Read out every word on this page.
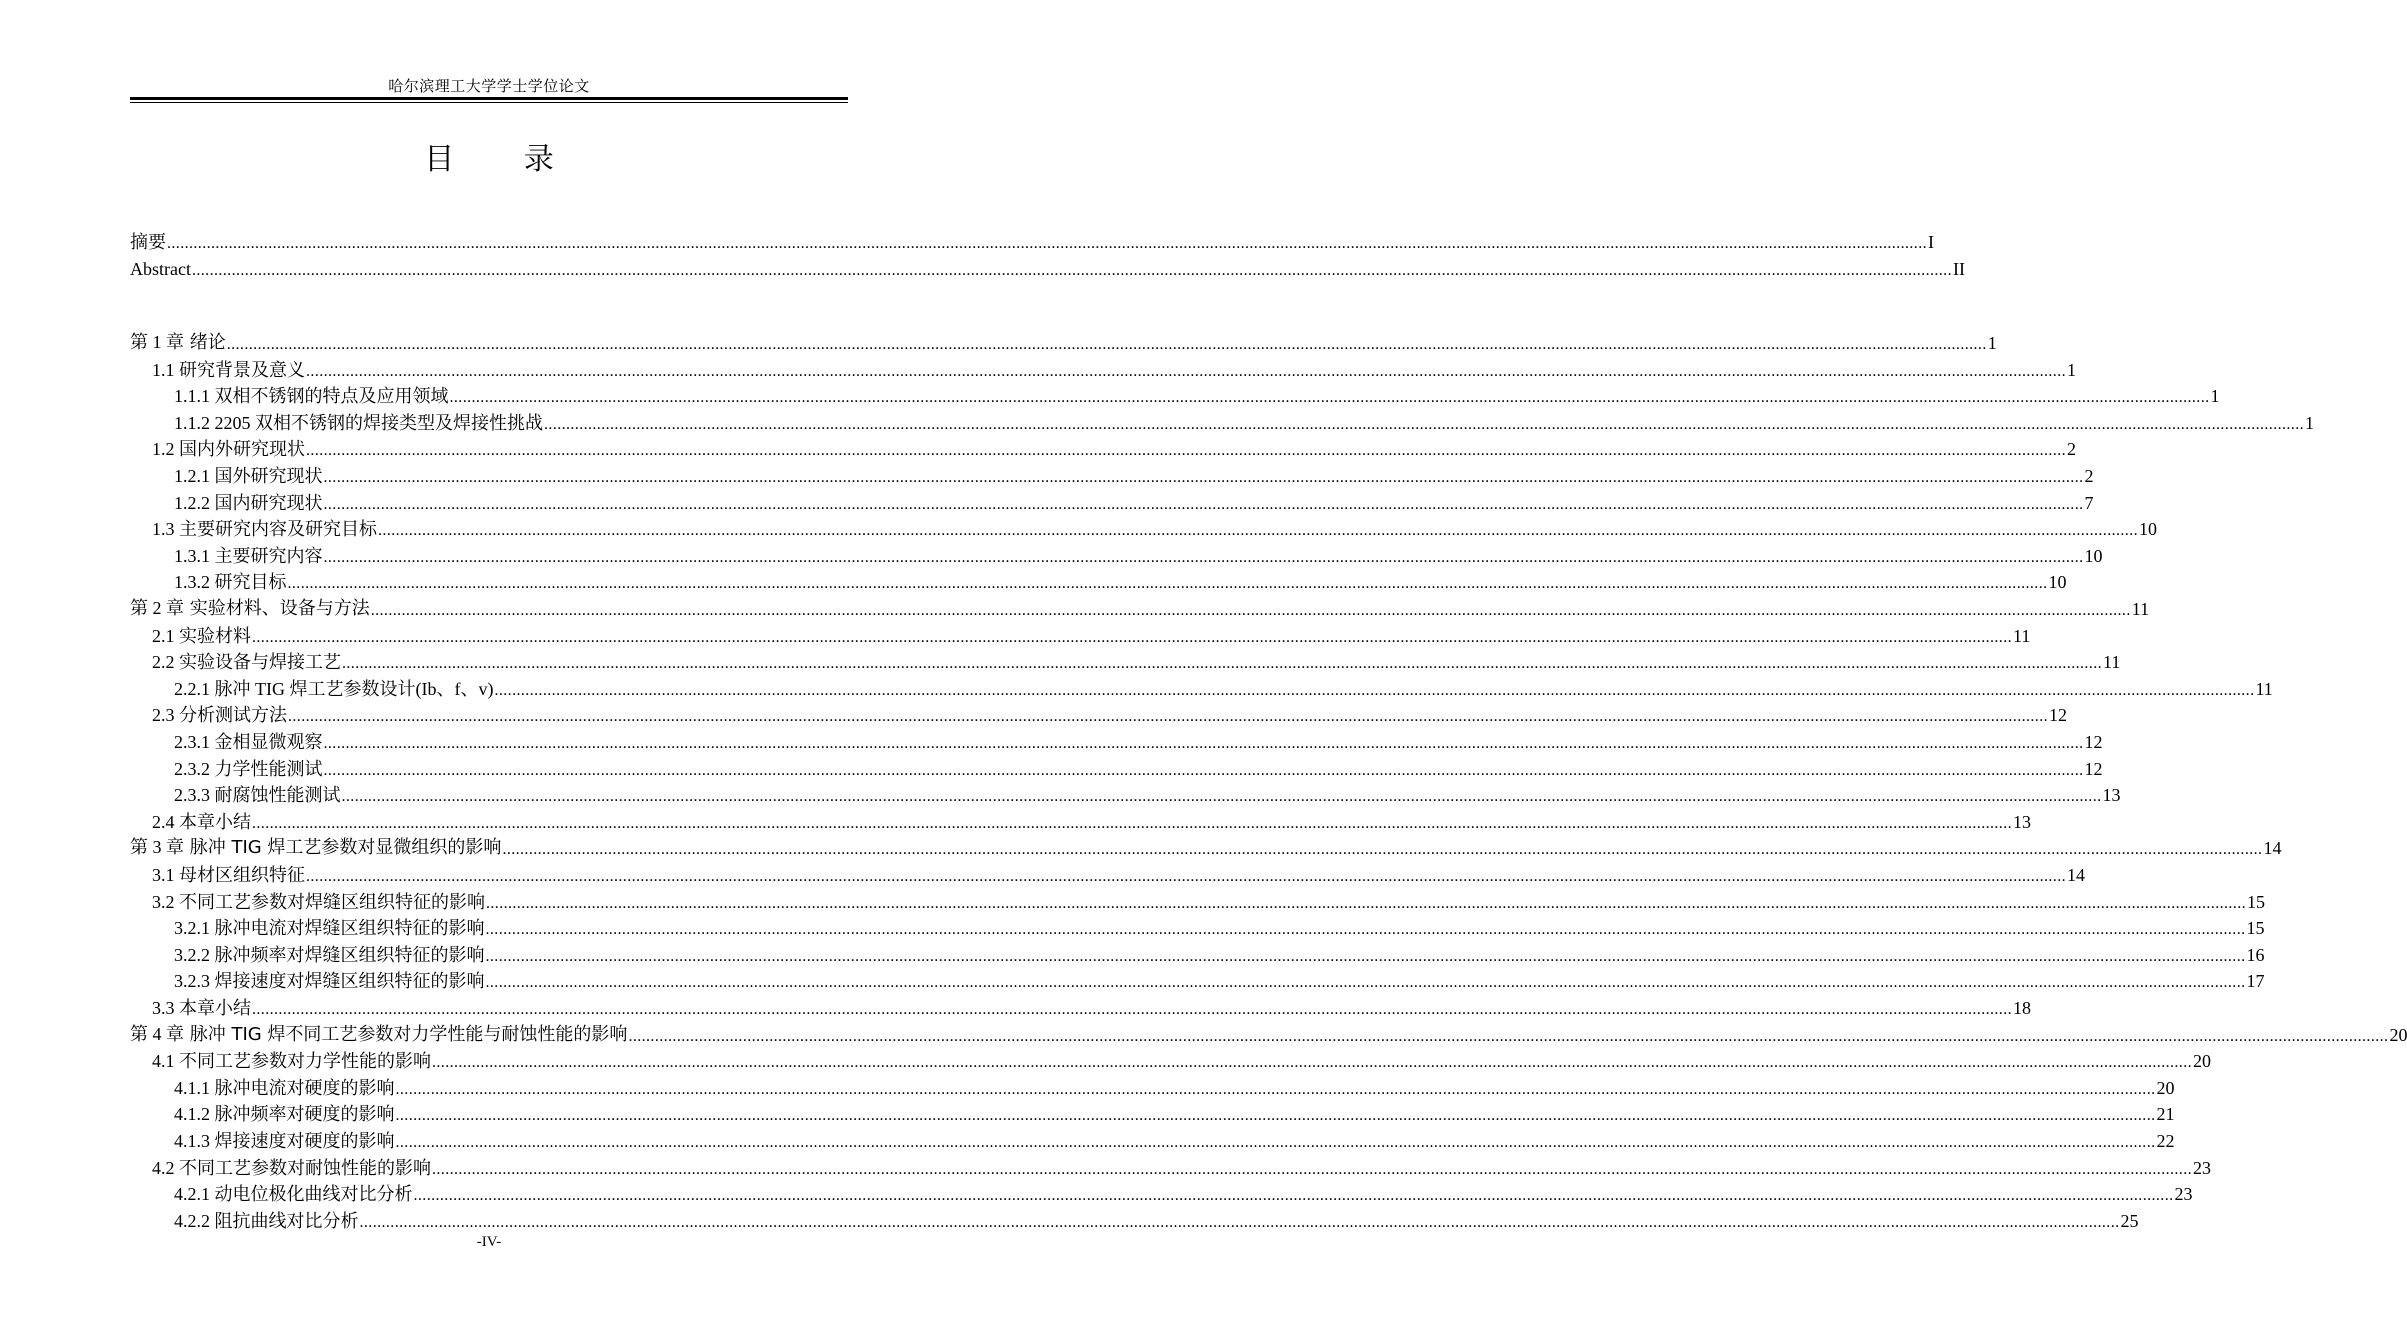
哈尔滨理工大学学士学位论文
目 录
摘要 ................................................................................................................................................................................................................................................................................................................................................................................................................ I
Abstract ................................................................................................................................................................................................................................................................................................................................................................................................................ II
第 1 章 绪论 ................................................................................................................................................................................................................................................................................................................................................................................................................ 1
1.1 研究背景及意义 ................................................................................................................................................................................................................................................................................................................................................................................................................ 1
1.1.1 双相不锈钢的特点及应用领域 ................................................................................................................................................................................................................................................................................................................................................................................................................ 1
1.1.2 2205 双相不锈钢的焊接类型及焊接性挑战 ................................................................................................................................................................................................................................................................................................................................................................................................................ 1
1.2 国内外研究现状 ................................................................................................................................................................................................................................................................................................................................................................................................................ 2
1.2.1 国外研究现状 ................................................................................................................................................................................................................................................................................................................................................................................................................ 2
1.2.2 国内研究现状 ................................................................................................................................................................................................................................................................................................................................................................................................................ 7
1.3 主要研究内容及研究目标 ................................................................................................................................................................................................................................................................................................................................................................................................................ 10
1.3.1 主要研究内容 ................................................................................................................................................................................................................................................................................................................................................................................................................ 10
1.3.2 研究目标 ................................................................................................................................................................................................................................................................................................................................................................................................................ 10
第 2 章 实验材料、设备与方法 ................................................................................................................................................................................................................................................................................................................................................................................................................ 11
2.1 实验材料 ................................................................................................................................................................................................................................................................................................................................................................................................................ 11
2.2 实验设备与焊接工艺 ................................................................................................................................................................................................................................................................................................................................................................................................................ 11
2.2.1 脉冲 TIG 焊工艺参数设计(Ib、f、v) ................................................................................................................................................................................................................................................................................................................................................................................................................ 11
2.3 分析测试方法 ................................................................................................................................................................................................................................................................................................................................................................................................................ 12
2.3.1 金相显微观察 ................................................................................................................................................................................................................................................................................................................................................................................................................ 12
2.3.2 力学性能测试 ................................................................................................................................................................................................................................................................................................................................................................................................................ 12
2.3.3 耐腐蚀性能测试 ................................................................................................................................................................................................................................................................................................................................................................................................................ 13
2.4 本章小结 ................................................................................................................................................................................................................................................................................................................................................................................................................ 13
第 3 章 脉冲 TIG 焊工艺参数对显微组织的影响 ................................................................................................................................................................................................................................................................................................................................................................................................................ 14
3.1 母材区组织特征 ................................................................................................................................................................................................................................................................................................................................................................................................................ 14
3.2 不同工艺参数对焊缝区组织特征的影响 ................................................................................................................................................................................................................................................................................................................................................................................................................ 15
3.2.1 脉冲电流对焊缝区组织特征的影响 ................................................................................................................................................................................................................................................................................................................................................................................................................ 15
3.2.2 脉冲频率对焊缝区组织特征的影响 ................................................................................................................................................................................................................................................................................................................................................................................................................ 16
3.2.3 焊接速度对焊缝区组织特征的影响 ................................................................................................................................................................................................................................................................................................................................................................................................................ 17
3.3 本章小结 ................................................................................................................................................................................................................................................................................................................................................................................................................ 18
第 4 章 脉冲 TIG 焊不同工艺参数对力学性能与耐蚀性能的影响 ................................................................................................................................................................................................................................................................................................................................................................................................................ 20
4.1 不同工艺参数对力学性能的影响 ................................................................................................................................................................................................................................................................................................................................................................................................................ 20
4.1.1 脉冲电流对硬度的影响 ................................................................................................................................................................................................................................................................................................................................................................................................................ 20
4.1.2 脉冲频率对硬度的影响 ................................................................................................................................................................................................................................................................................................................................................................................................................ 21
4.1.3 焊接速度对硬度的影响 ................................................................................................................................................................................................................................................................................................................................................................................................................ 22
4.2 不同工艺参数对耐蚀性能的影响 ................................................................................................................................................................................................................................................................................................................................................................................................................ 23
4.2.1 动电位极化曲线对比分析 ................................................................................................................................................................................................................................................................................................................................................................................................................ 23
4.2.2 阻抗曲线对比分析 ................................................................................................................................................................................................................................................................................................................................................................................................................ 25
-IV-
